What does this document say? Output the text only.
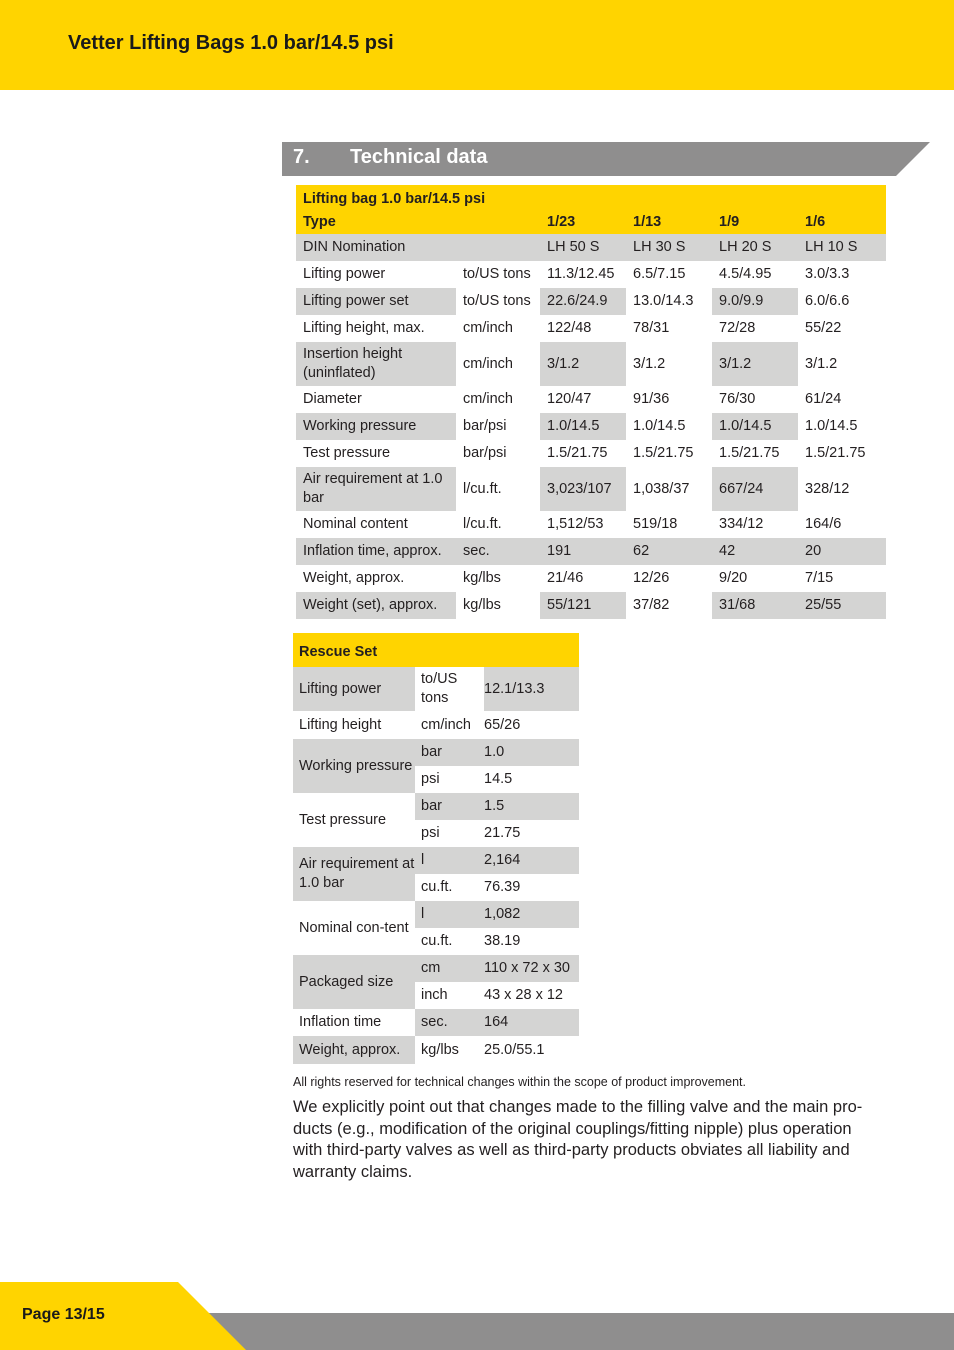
Vetter Lifting Bags 1.0 bar/14.5 psi
7. Technical data
Lifting bag 1.0 bar/14.5 psi					
Type		1/23	1/13	1/9	1/6
DIN Nomination		LH 50 S	LH 30 S	LH 20 S	LH 10 S
Lifting power	to/US tons	11.3/12.45	6.5/7.15	4.5/4.95	3.0/3.3
Lifting power set	to/US tons	22.6/24.9	13.0/14.3	9.0/9.9	6.0/6.6
Lifting height, max.	cm/inch	122/48	78/31	72/28	55/22
Insertion height (uninflated)	cm/inch	3/1.2	3/1.2	3/1.2	3/1.2
Diameter	cm/inch	120/47	91/36	76/30	61/24
Working pressure	bar/psi	1.0/14.5	1.0/14.5	1.0/14.5	1.0/14.5
Test pressure	bar/psi	1.5/21.75	1.5/21.75	1.5/21.75	1.5/21.75
Air requirement at 1.0 bar	l/cu.ft.	3,023/107	1,038/37	667/24	328/12
Nominal content	l/cu.ft.	1,512/53	519/18	334/12	164/6
Inflation time, approx.	sec.	191	62	42	20
Weight, approx.	kg/lbs	21/46	12/26	9/20	7/15
Weight (set), approx.	kg/lbs	55/121	37/82	31/68	25/55
Rescue Set		
Lifting power	to/US tons	12.1/13.3
Lifting height	cm/inch	65/26
Working pressure	bar	1.0
	psi	14.5
Test pressure	bar	1.5
	psi	21.75
Air requirement at 1.0 bar	l	2,164
	cu.ft.	76.39
Nominal con-tent	l	1,082
	cu.ft.	38.19
Packaged size	cm	110 x 72 x 30
	inch	43 x 28 x 12
Inflation time	sec.	164
Weight, approx.	kg/lbs	25.0/55.1
All rights reserved for technical changes within the scope of product improvement.

We explicitly point out that changes made to the filling valve and the main pro-ducts (e.g., modification of the original couplings/fitting nipple) plus operation with third-party valves as well as third-party products obviates all liability and warranty claims.

Page 13/15
